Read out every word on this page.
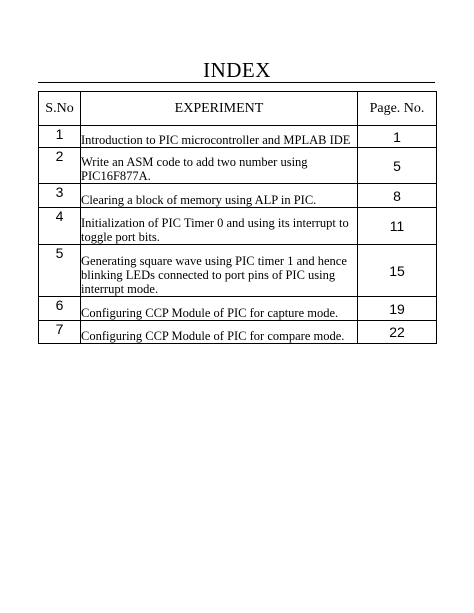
INDEX
S.No	EXPERIMENT	Page. No.
1	Introduction to PIC microcontroller and MPLAB IDE	1
2	Write an ASM code to add two number using PIC16F877A.	5
3	Clearing a block of memory using ALP in PIC.	8
4	Initialization of PIC Timer 0 and using its interrupt to toggle port bits.	11
5	Generating square wave using PIC timer 1 and hence blinking LEDs connected to port pins of PIC using interrupt mode.	15
6	Configuring CCP Module of PIC for capture mode.	19
7	Configuring CCP Module of PIC for compare mode.	22
